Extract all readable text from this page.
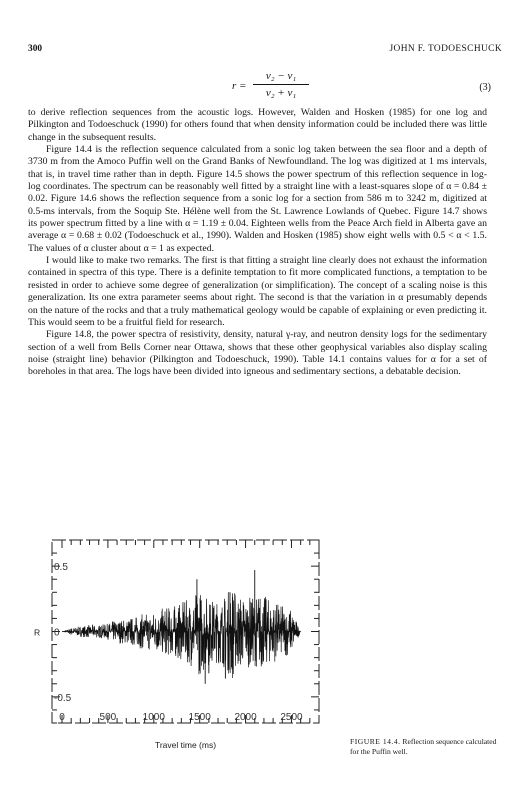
300	JOHN F. TODOESCHUCK
r =
v₂ − v₁
v₂ + v₁	(3)

to derive reflection sequences from the acoustic logs. However, Walden and Hosken (1985) for one log and Pilkington and Todoeschuck (1990) for others found that when density information could be included there was little change in the subsequent results.

Figure 14.4 is the reflection sequence calculated from a sonic log taken between the sea floor and a depth of 3730 m from the Amoco Puffin well on the Grand Banks of Newfoundland. The log was digitized at 1 ms intervals, that is, in travel time rather than in depth. Figure 14.5 shows the power spectrum of this reflection sequence in log-log coordinates. The spectrum can be reasonably well fitted by a straight line with a least-squares slope of α = 0.84 ± 0.02. Figure 14.6 shows the reflection sequence from a sonic log for a section from 586 m to 3242 m, digitized at 0.5-ms intervals, from the Soquip Ste. Hélène well from the St. Lawrence Lowlands of Quebec. Figure 14.7 shows its power spectrum fitted by a line with α = 1.19 ± 0.04. Eighteen wells from the Peace Arch field in Alberta gave an average α = 0.68 ± 0.02 (Todoeschuck et al., 1990). Walden and Hosken (1985) show eight wells with 0.5 < α < 1.5. The values of α cluster about α = 1 as expected.

I would like to make two remarks. The first is that fitting a straight line clearly does not exhaust the information contained in spectra of this type. There is a definite temptation to fit more complicated functions, a temptation to be resisted in order to achieve some degree of generalization (or simplification). The concept of a scaling noise is this generalization. Its one extra parameter seems about right. The second is that the variation in α presumably depends on the nature of the rocks and that a truly mathematical geology would be capable of explaining or even predicting it. This would seem to be a fruitful field for research.

Figure 14.8, the power spectra of resistivity, density, natural γ-ray, and neutron density logs for the sedimentary section of a well from Bells Corner near Ottawa, shows that these other geophysical variables also display scaling noise (straight line) behavior (Pilkington and Todoeschuck, 1990). Table 14.1 contains values for α for a set of boreholes in that area. The logs have been divided into igneous and sedimentary sections, a debatable decision.

0.5
0
-0.5
R
0	500	1000 1500 2000 2500
Travel time (ms)	FIGURE 14.4. Reflection sequence calculated for the Puffin well.
